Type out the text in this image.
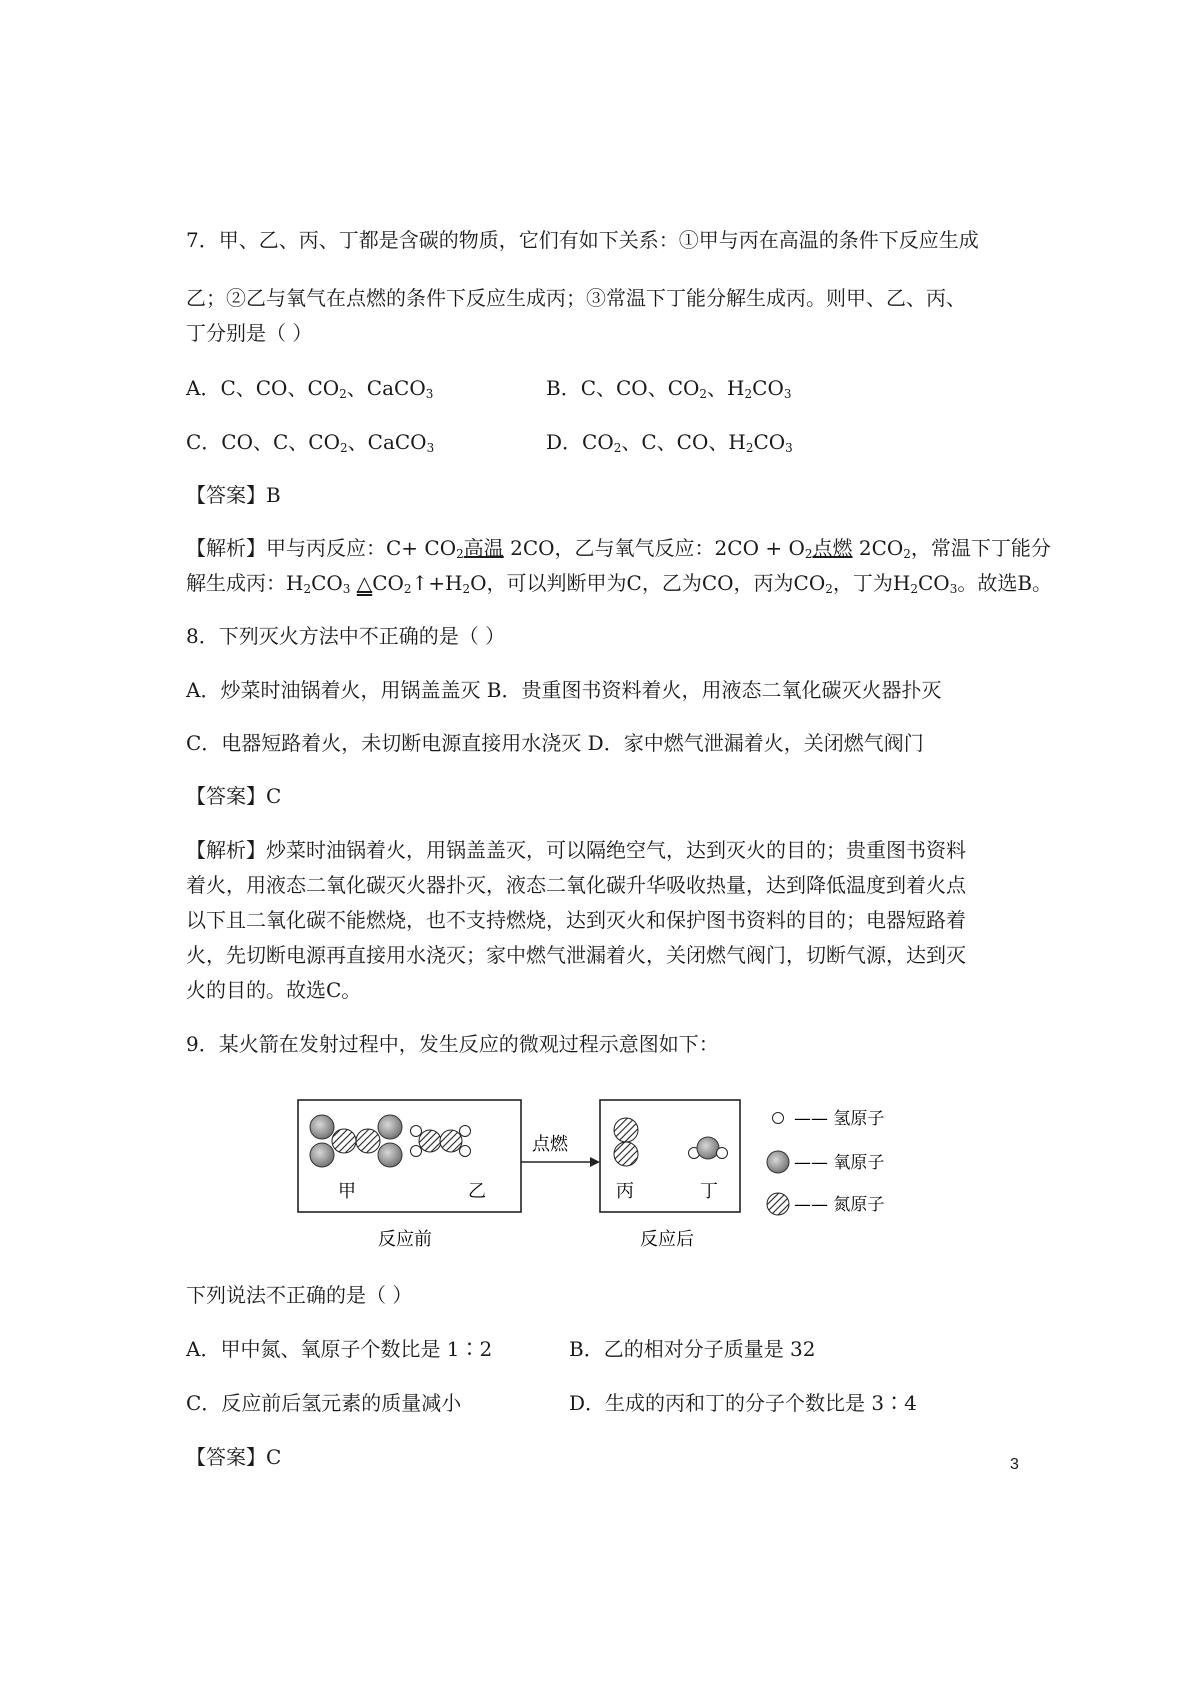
7．甲、乙、丙、丁都是含碳的物质，它们有如下关系：①甲与丙在高温的条件下反应生成
乙；②乙与氧气在点燃的条件下反应生成丙；③常温下丁能分解生成丙。则甲、乙、丙、
丁分别是（ ）
A．C、CO、$CO_2$、CaCO$_3$	B．C、CO、$CO_2$、$H_2CO_3$
C．CO、C、$CO_2$、CaCO$_3$	D．$CO_2$、C、CO、$H_2CO_3$
【答案】B
【解析】甲与丙反应：$C+ CO_2$高温 2CO，乙与氧气反应：$2CO + O_2$点燃 $2CO_2$，常温下丁能分
解生成丙：$H_2CO_3$ $\triangle CO_2↑+H_2O$，可以判断甲为C，乙为CO，丙为$CO_2$，丁为$H_2CO_3$。故选B。
8．下列灭火方法中不正确的是（ ）
A．炒菜时油锅着火，用锅盖盖灭 B．贵重图书资料着火，用液态二氧化碳灭火器扑灭
C．电器短路着火，未切断电源直接用水浇灭 D．家中燃气泄漏着火，关闭燃气阀门
【答案】C
【解析】炒菜时油锅着火，用锅盖盖灭，可以隔绝空气，达到灭火的目的；贵重图书资料
着火，用液态二氧化碳灭火器扑灭，液态二氧化碳升华吸收热量，达到降低温度到着火点
以下且二氧化碳不能燃烧，也不支持燃烧，达到灭火和保护图书资料的目的；电器短路着
火，先切断电源再直接用水浇灭；家中燃气泄漏着火，关闭燃气阀门，切断气源，达到灭
火的目的。故选C。
9．某火箭在发射过程中，发生反应的微观过程示意图如下：
甲	乙
点燃
丙	丁
反应前	反应后
—— 氢原子
—— 氧原子
—— 氮原子
下列说法不正确的是（ ）
A．甲中氮、氧原子个数比是 1∶2	B．乙的相对分子质量是 32
C．反应前后氢元素的质量减小	D．生成的丙和丁的分子个数比是 3∶4
【答案】C	3
